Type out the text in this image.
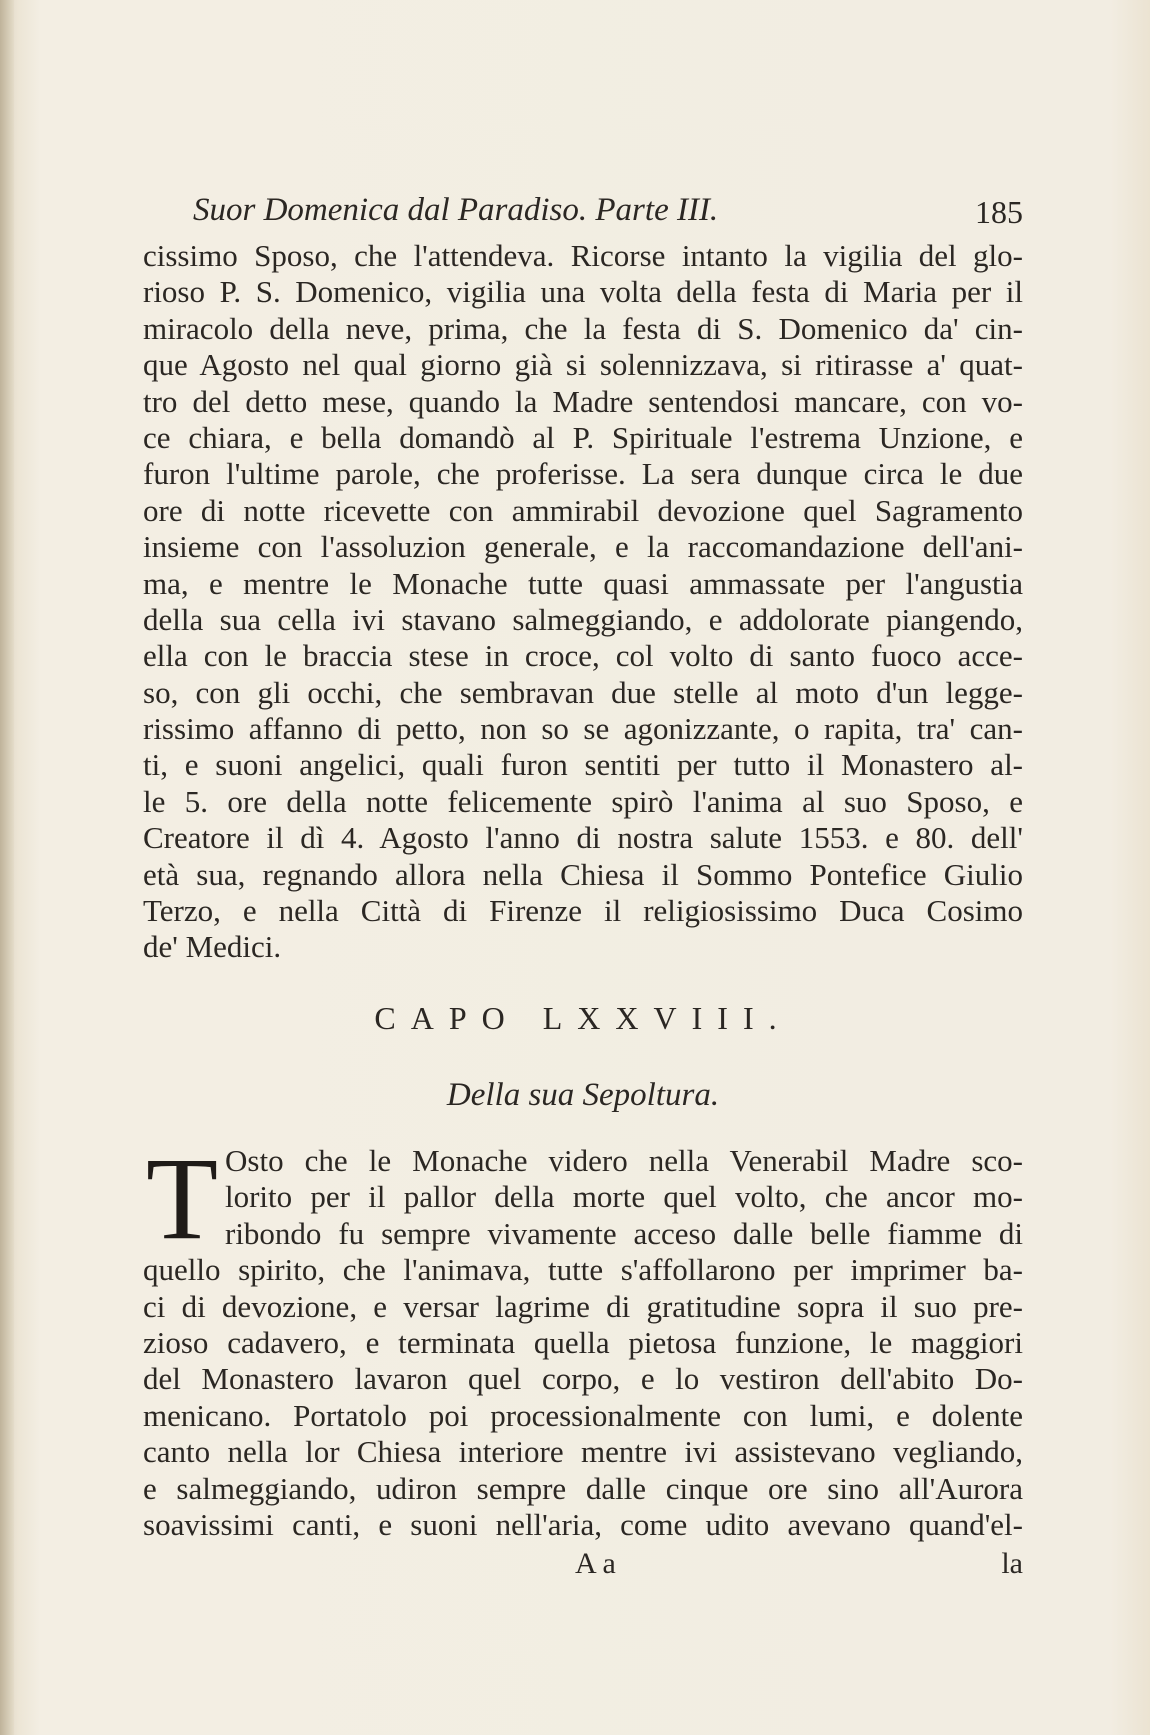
Suor Domenica dal Paradiso. Parte III.	185
cissimo Sposo, che l'attendeva. Ricorse intanto la vigilia del glo-
rioso P. S. Domenico, vigilia una volta della festa di Maria per il
miracolo della neve, prima, che la festa di S. Domenico da' cin-
que Agosto nel qual giorno già si solennizzava, si ritirasse a' quat-
tro del detto mese, quando la Madre sentendosi mancare, con vo-
ce chiara, e bella domandò al P. Spirituale l'estrema Unzione, e
furon l'ultime parole, che proferisse. La sera dunque circa le due
ore di notte ricevette con ammirabil devozione quel Sagramento
insieme con l'assoluzion generale, e la raccomandazione dell'ani-
ma, e mentre le Monache tutte quasi ammassate per l'angustia
della sua cella ivi stavano salmeggiando, e addolorate piangendo,
ella con le braccia stese in croce, col volto di santo fuoco acce-
so, con gli occhi, che sembravan due stelle al moto d'un legge-
rissimo affanno di petto, non so se agonizzante, o rapita, tra' can-
ti, e suoni angelici, quali furon sentiti per tutto il Monastero al-
le 5. ore della notte felicemente spirò l'anima al suo Sposo, e
Creatore il dì 4. Agosto l'anno di nostra salute 1553. e 80. dell'
età sua, regnando allora nella Chiesa il Sommo Pontefice Giulio
Terzo, e nella Città di Firenze il religiosissimo Duca Cosimo
de' Medici.
CAPO LXXVIII.
Della sua Sepoltura.
T Osto che le Monache videro nella Venerabil Madre sco-
lorito per il pallor della morte quel volto, che ancor mo-
ribondo fu sempre vivamente acceso dalle belle fiamme di
quello spirito, che l'animava, tutte s'affollarono per imprimer ba-
ci di devozione, e versar lagrime di gratitudine sopra il suo pre-
zioso cadavero, e terminata quella pietosa funzione, le maggiori
del Monastero lavaron quel corpo, e lo vestiron dell'abito Do-
menicano. Portatolo poi processionalmente con lumi, e dolente
canto nella lor Chiesa interiore mentre ivi assistevano vegliando,
e salmeggiando, udiron sempre dalle cinque ore sino all'Aurora
soavissimi canti, e suoni nell'aria, come udito avevano quand'el-
A a	la
